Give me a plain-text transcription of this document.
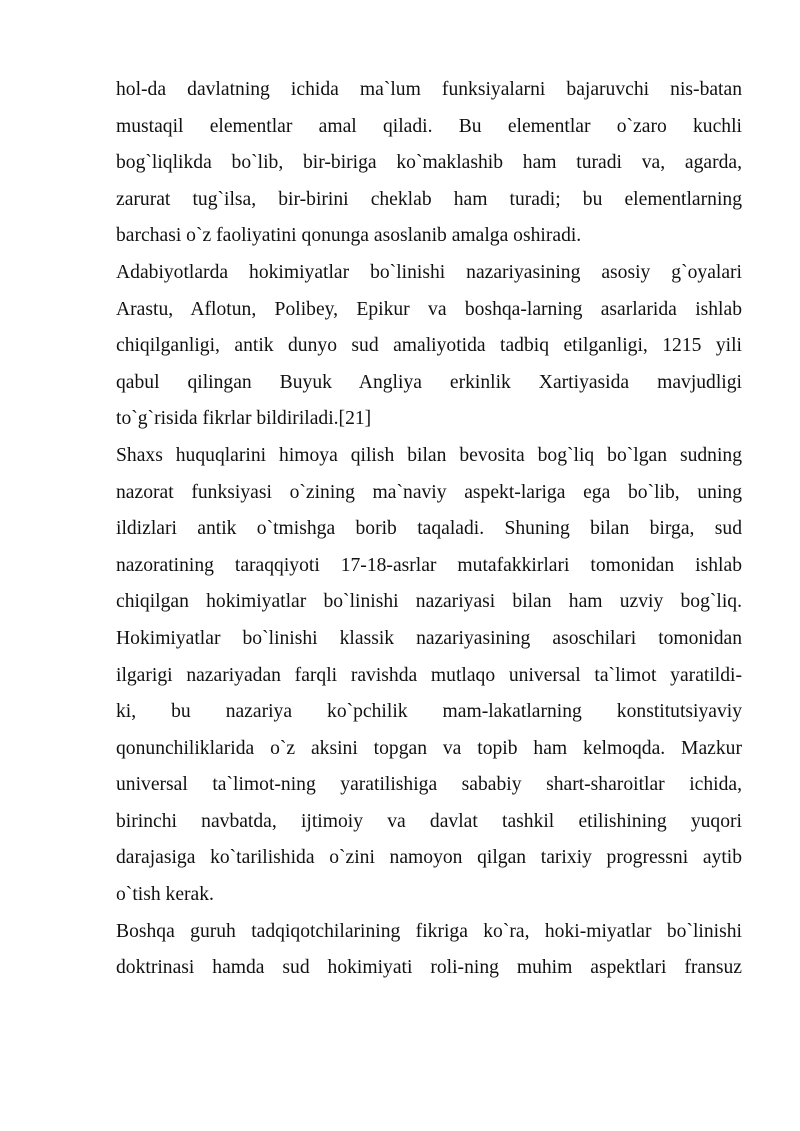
hol-da davlatning ichida ma`lum funksiyalarni bajaruvchi nis-batan
mustaqil elementlar amal qiladi. Bu elementlar o`zaro kuchli
bog`liqlikda bo`lib, bir-biriga ko`maklashib ham turadi va, agarda,
zarurat tug`ilsa, bir-birini cheklab ham turadi; bu elementlarning
barchasi o`z faoliyatini qonunga asoslanib amalga oshiradi.
Adabiyotlarda hokimiyatlar bo`linishi nazariyasining asosiy g`oyalari
Arastu, Aflotun, Polibey, Epikur va boshqa-larning asarlarida ishlab
chiqilganligi, antik dunyo sud amaliyotida tadbiq etilganligi, 1215 yili
qabul qilingan Buyuk Angliya erkinlik Xartiyasida mavjudligi
to`g`risida fikrlar bildiriladi.[21]
Shaxs huquqlarini himoya qilish bilan bevosita bog`liq bo`lgan sudning
nazorat funksiyasi o`zining ma`naviy aspekt-lariga ega bo`lib, uning
ildizlari antik o`tmishga borib taqaladi. Shuning bilan birga, sud
nazoratining taraqqiyoti 17-18-asrlar mutafakkirlari tomonidan ishlab
chiqilgan hokimiyatlar bo`linishi nazariyasi bilan ham uzviy bog`liq.
Hokimiyatlar bo`linishi klassik nazariyasining asoschilari tomonidan
ilgarigi nazariyadan farqli ravishda mutlaqo universal ta`limot yaratildi-
ki, bu nazariya ko`pchilik mam-lakatlarning konstitutsiyaviy
qonunchiliklarida o`z aksini topgan va topib ham kelmoqda. Mazkur
universal ta`limot-ning yaratilishiga sababiy shart-sharoitlar ichida,
birinchi navbatda, ijtimoiy va davlat tashkil etilishining yuqori
darajasiga ko`tarilishida o`zini namoyon qilgan tarixiy progressni aytib
o`tish kerak.
Boshqa guruh tadqiqotchilarining fikriga ko`ra, hoki-miyatlar bo`linishi
doktrinasi hamda sud hokimiyati roli-ning muhim aspektlari fransuz
